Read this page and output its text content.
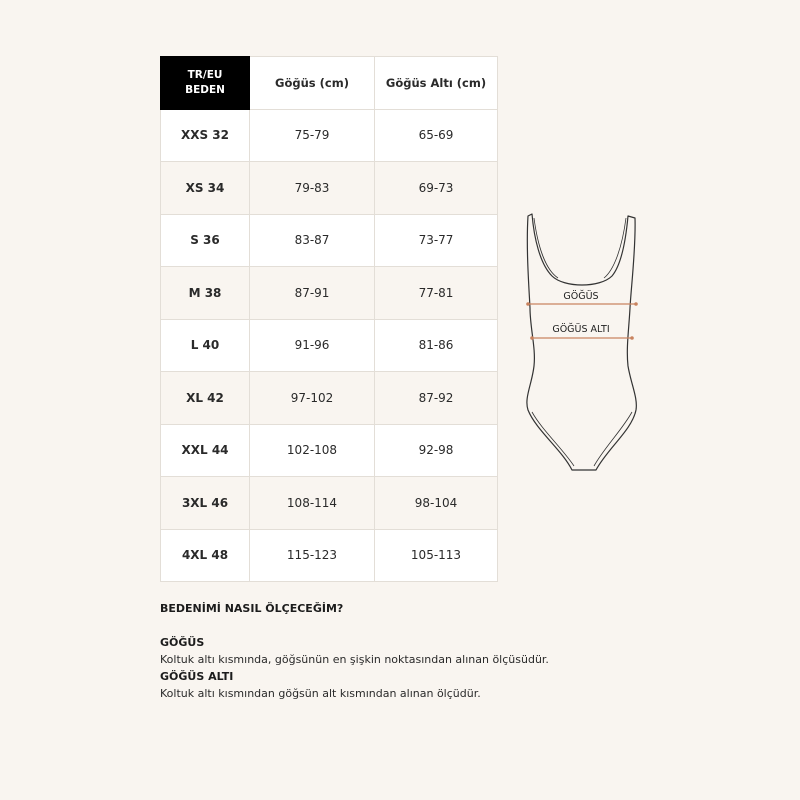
TR/EU
BEDEN	Göğüs (cm)	Göğüs Altı (cm)
XXS 32	75-79	65-69
XS 34	79-83	69-73
S 36	83-87	73-77
M 38	87-91	77-81
L 40	91-96	81-86
XL 42	97-102	87-92
XXL 44	102-108	92-98
3XL 46	108-114	98-104
4XL 48	115-123	105-113
GÖĞÜS
GÖĞÜS ALTI
BEDENİMİ NASIL ÖLÇECEĞİM?
GÖĞÜS
Koltuk altı kısmında, göğsünün en şişkin noktasından alınan ölçüsüdür.
GÖĞÜS ALTI
Koltuk altı kısmından göğsün alt kısmından alınan ölçüdür.
